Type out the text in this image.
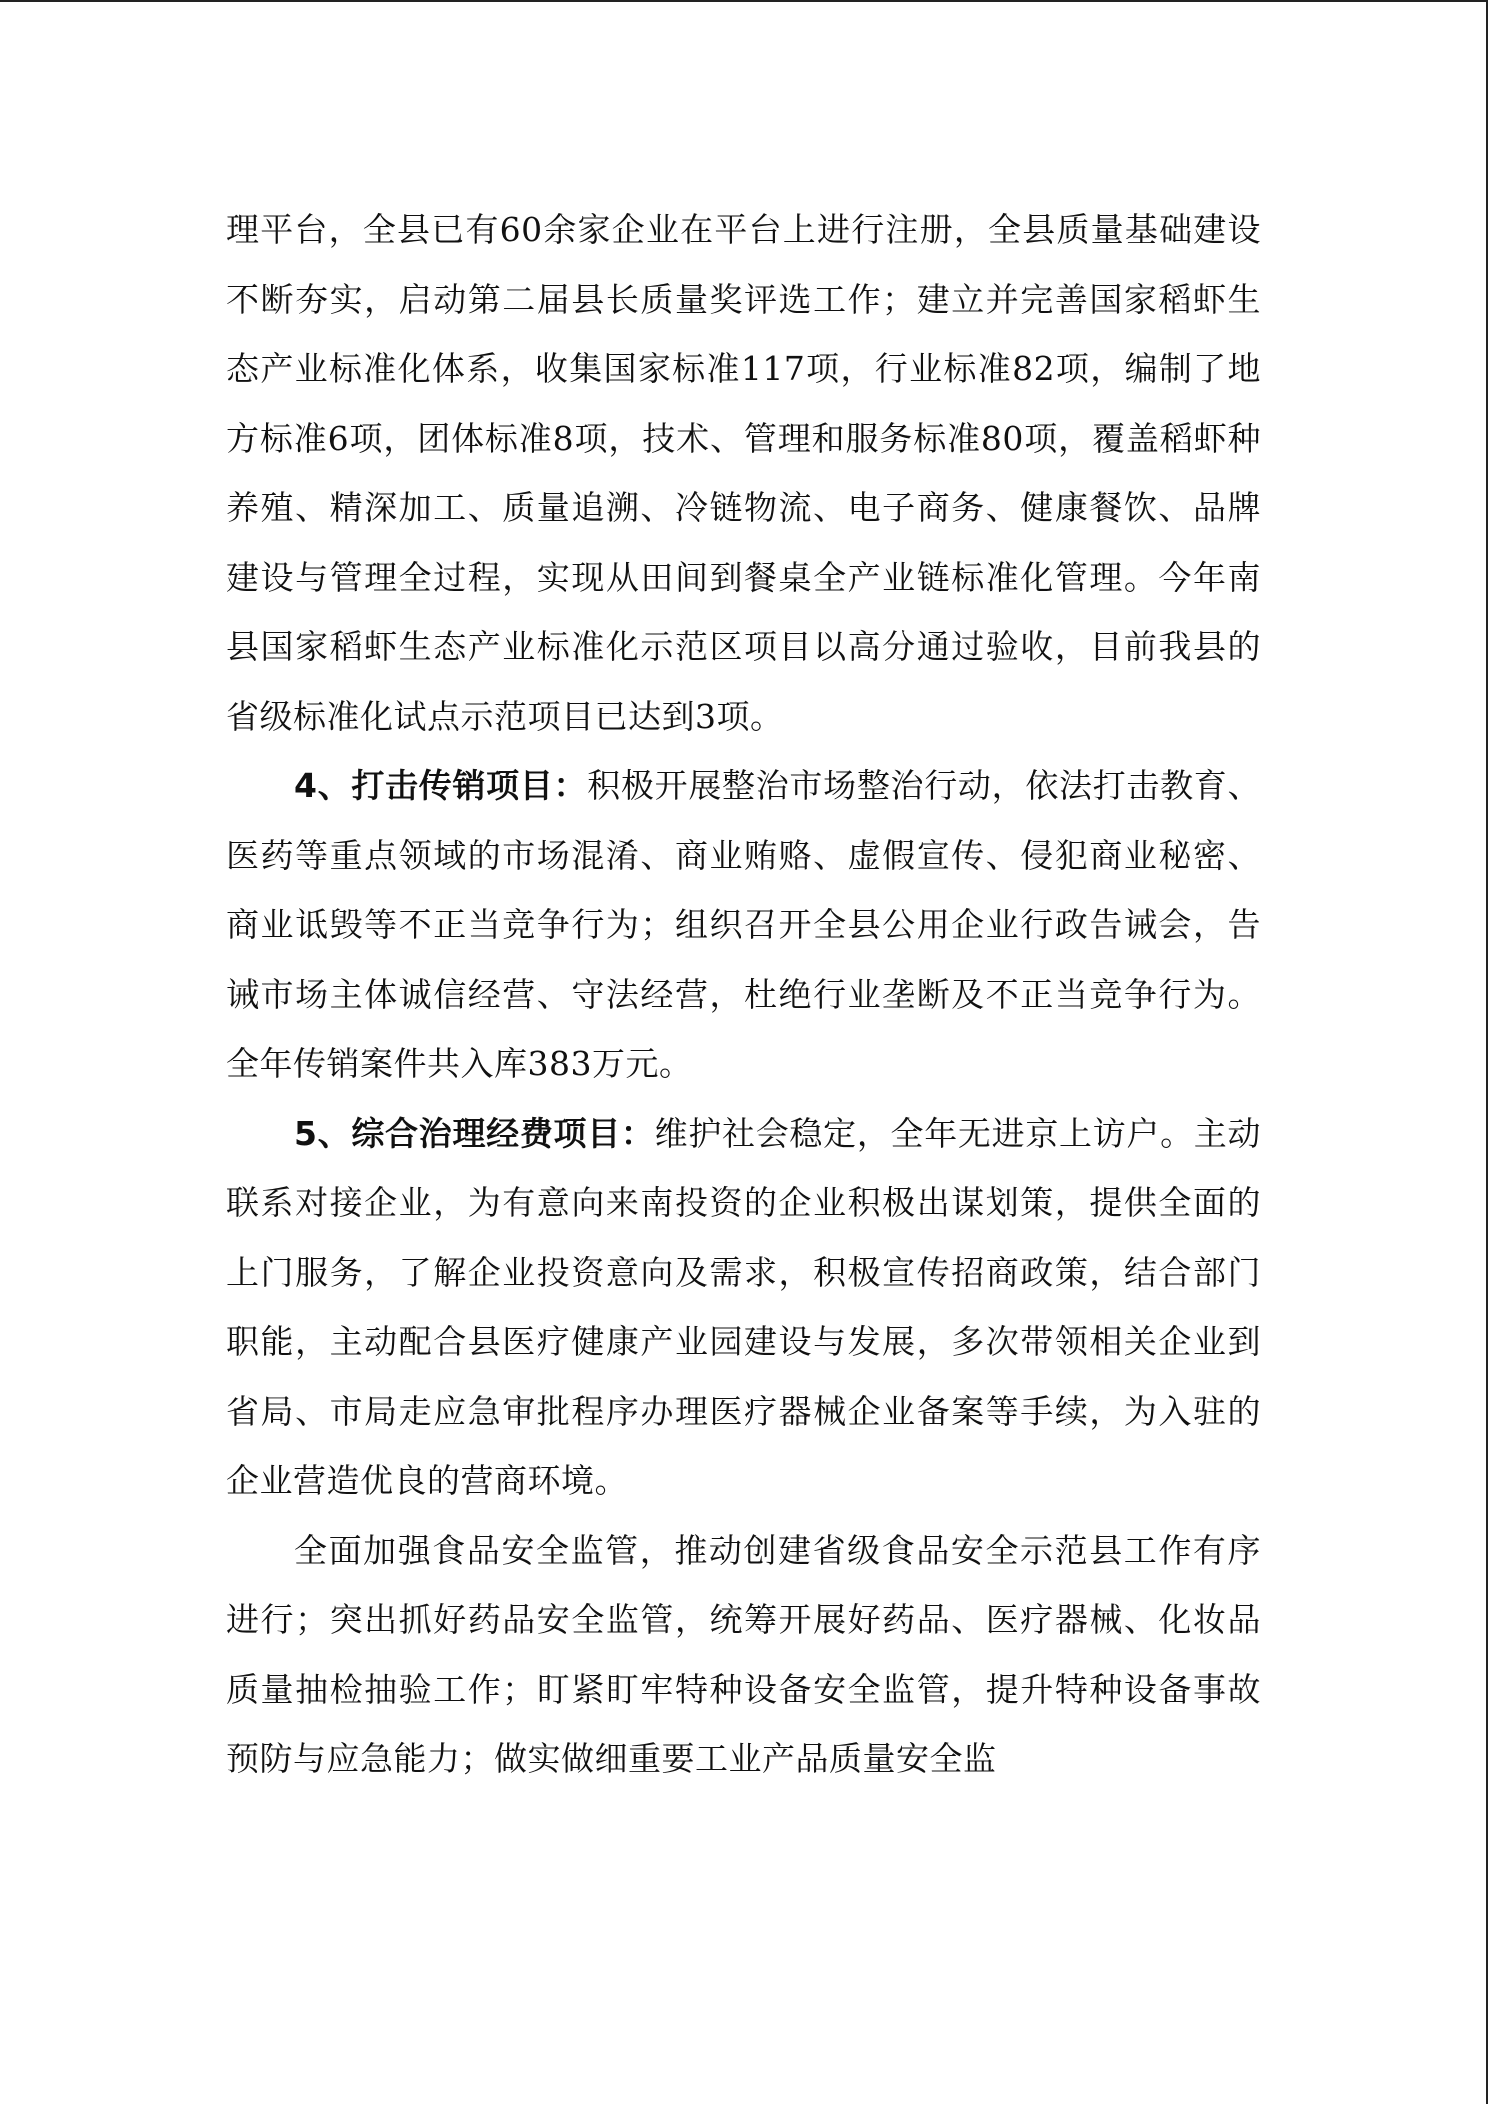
理平台，全县已有60余家企业在平台上进行注册，全县质量基础建设不断夯实，启动第二届县长质量奖评选工作；建立并完善国家稻虾生态产业标准化体系，收集国家标准117项，行业标准82项，编制了地方标准6项，团体标准8项，技术、管理和服务标准80项，覆盖稻虾种养殖、精深加工、质量追溯、冷链物流、电子商务、健康餐饮、品牌建设与管理全过程，实现从田间到餐桌全产业链标准化管理。今年南县国家稻虾生态产业标准化示范区项目以高分通过验收，目前我县的省级标准化试点示范项目已达到3项。

4、打击传销项目：积极开展整治市场整治行动，依法打击教育、医药等重点领域的市场混淆、商业贿赂、虚假宣传、侵犯商业秘密、商业诋毁等不正当竞争行为；组织召开全县公用企业行政告诫会，告诫市场主体诚信经营、守法经营，杜绝行业垄断及不正当竞争行为。全年传销案件共入库383万元。

5、综合治理经费项目：维护社会稳定，全年无进京上访户。主动联系对接企业，为有意向来南投资的企业积极出谋划策，提供全面的上门服务，了解企业投资意向及需求，积极宣传招商政策，结合部门职能，主动配合县医疗健康产业园建设与发展，多次带领相关企业到省局、市局走应急审批程序办理医疗器械企业备案等手续，为入驻的企业营造优良的营商环境。

全面加强食品安全监管，推动创建省级食品安全示范县工作有序进行；突出抓好药品安全监管，统筹开展好药品、医疗器械、化妆品质量抽检抽验工作；盯紧盯牢特种设备安全监管，提升特种设备事故预防与应急能力；做实做细重要工业产品质量安全监
